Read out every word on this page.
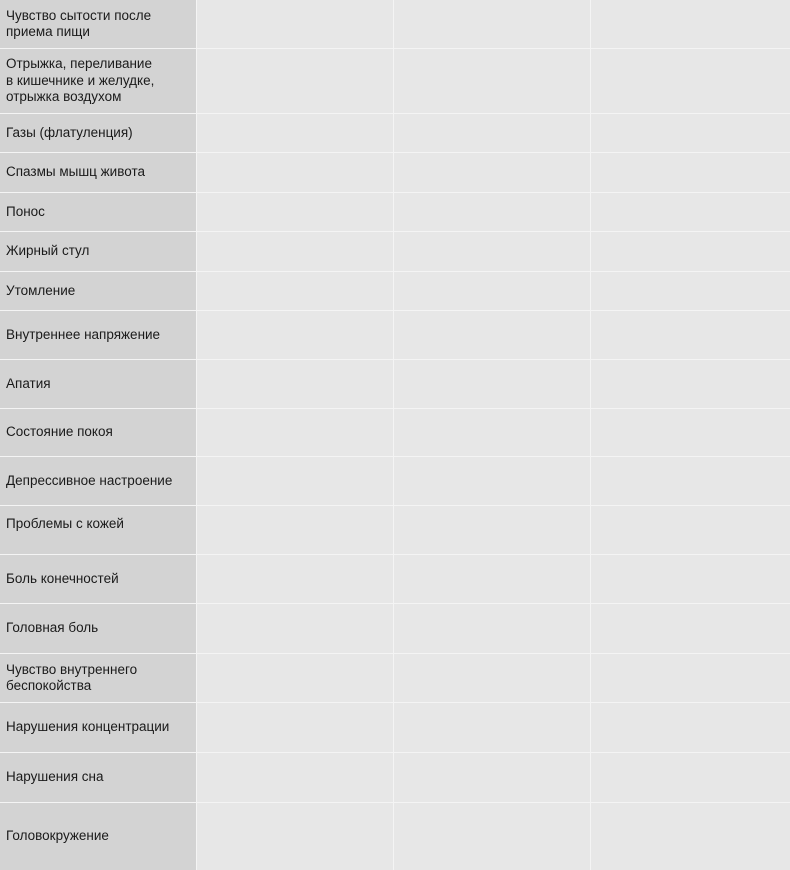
Чувство сытости после
приема пищи
Отрыжка, переливание
в кишечнике и желудке,
отрыжка воздухом
Газы (флатуленция)
Спазмы мышц живота
Понос
Жирный стул
Утомление
Внутреннее напряжение
Апатия
Состояние покоя
Депрессивное настроение
Проблемы с кожей
Боль конечностей
Головная боль
Чувство внутреннего
беспокойства
Нарушения концентрации
Нарушения сна
Головокружение
